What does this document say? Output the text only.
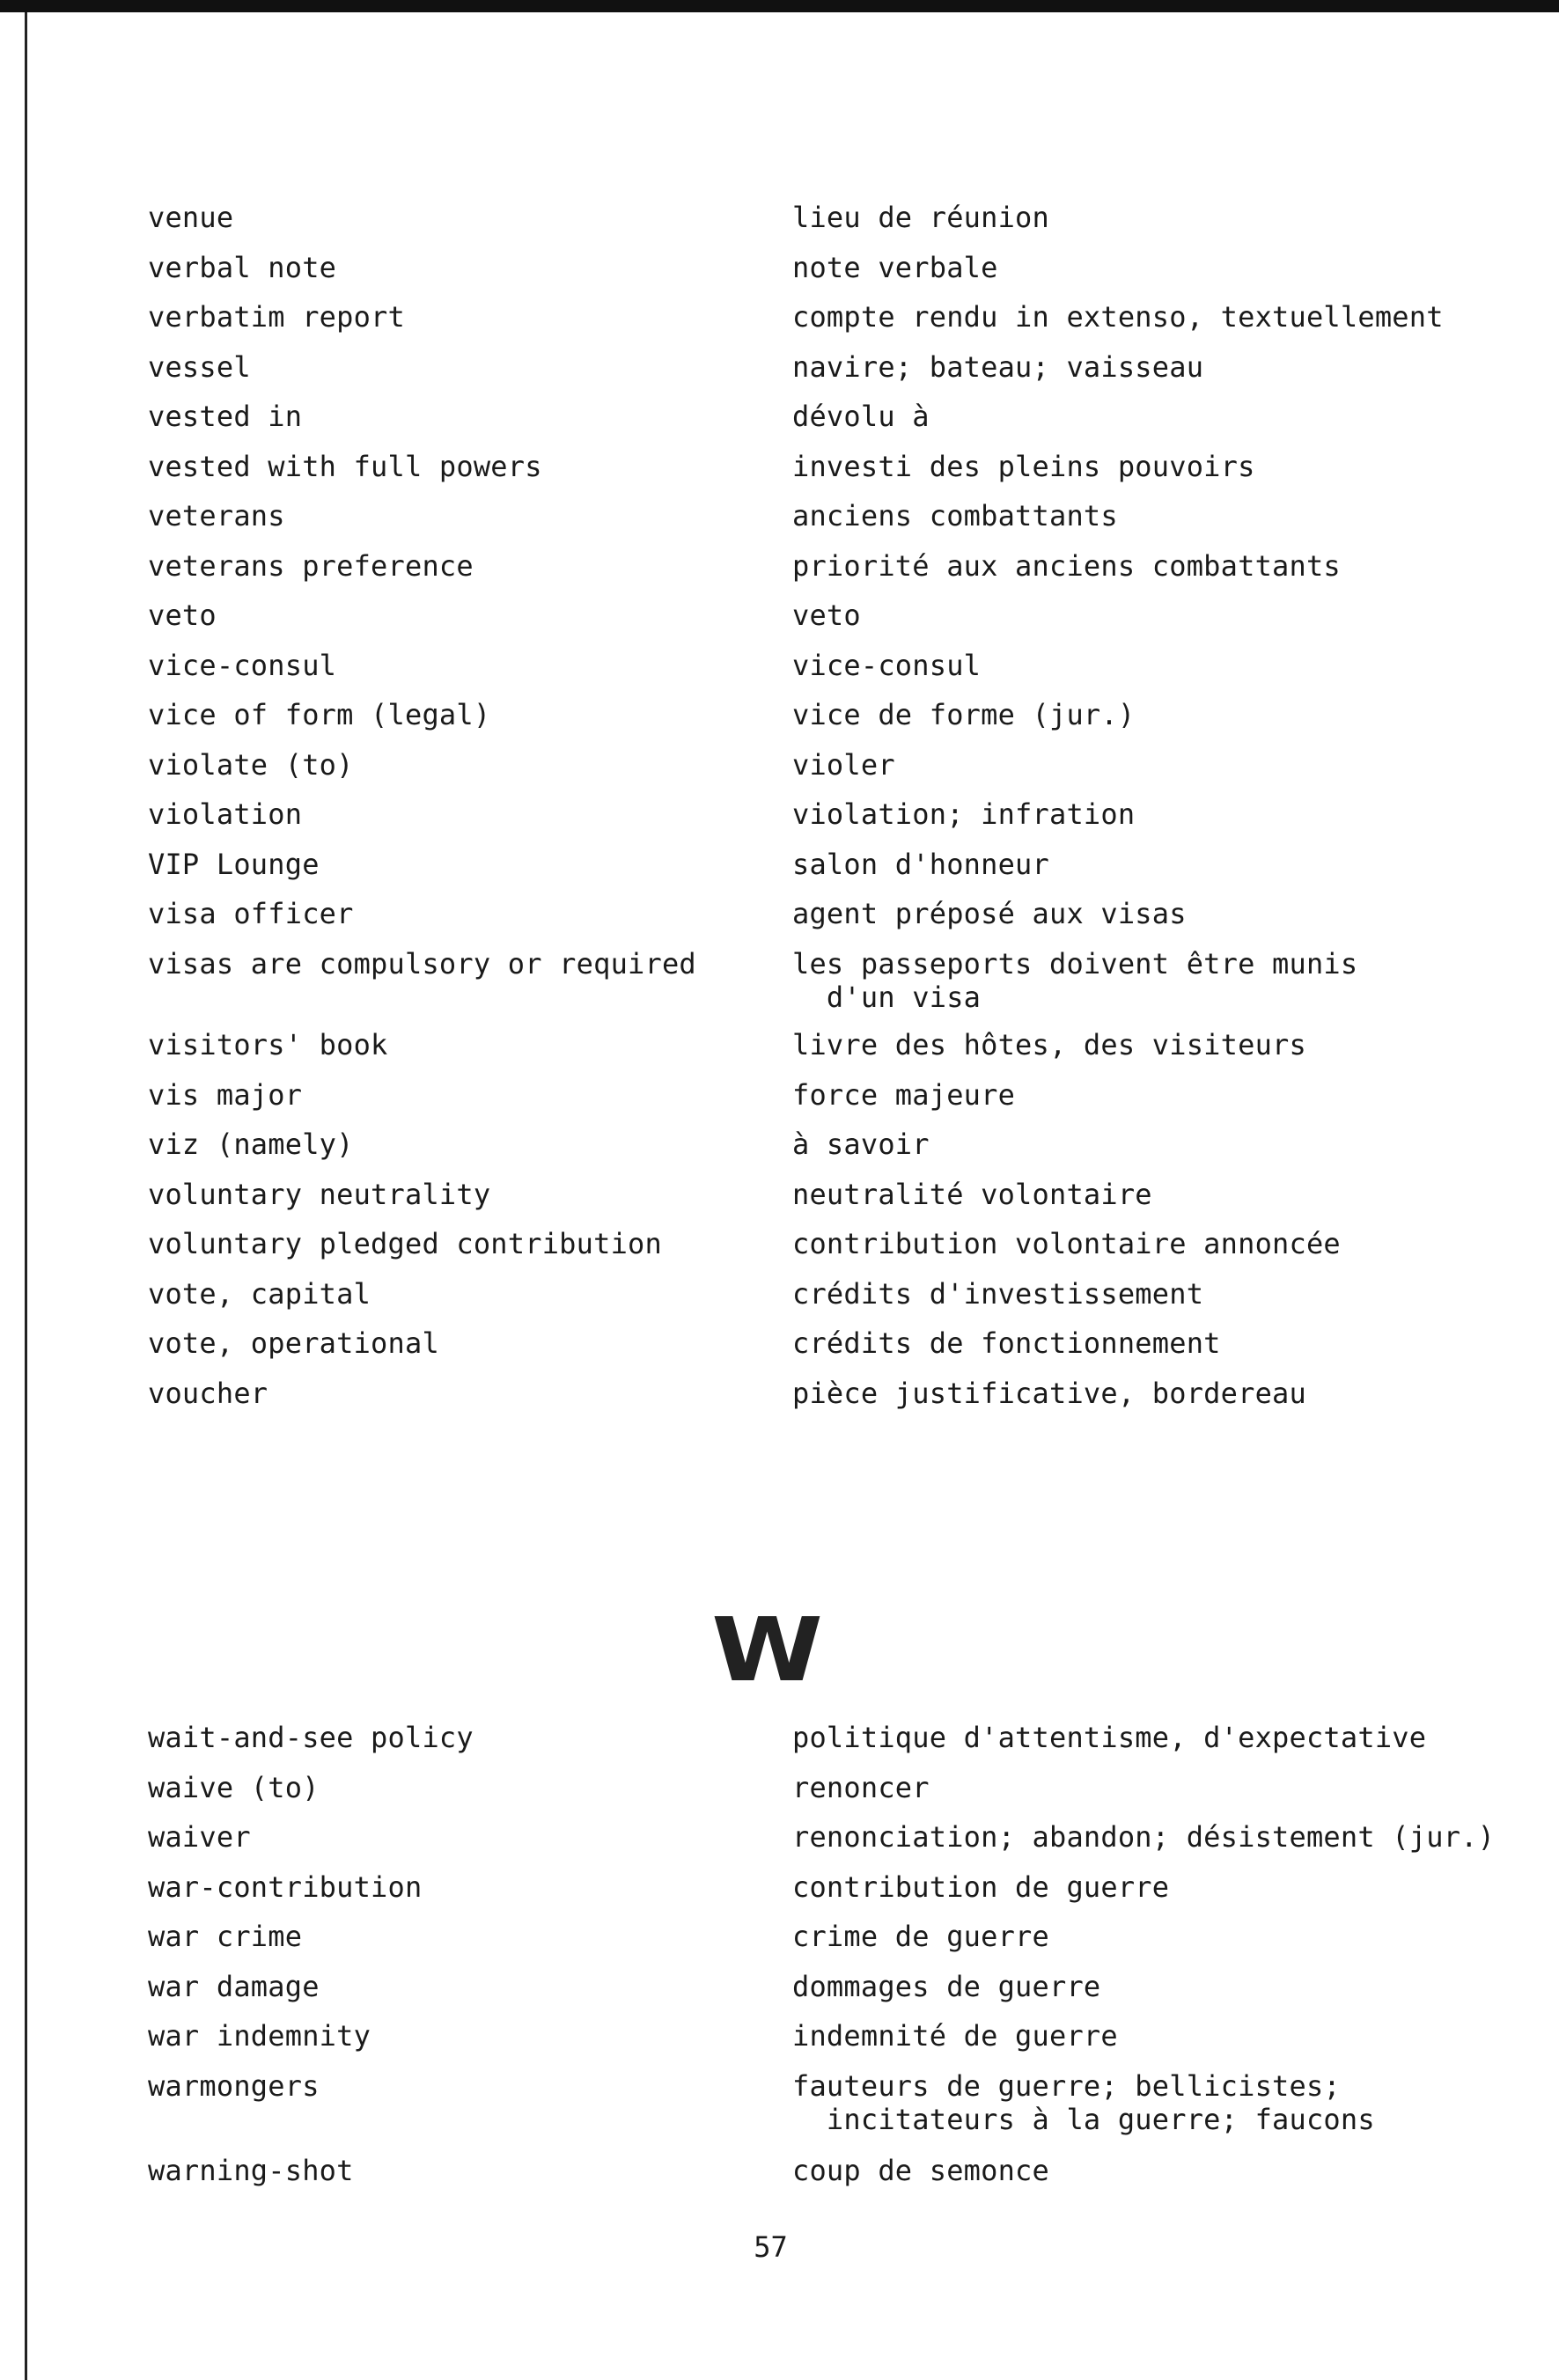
venue	lieu de réunion
verbal note	note verbale
verbatim report	compte rendu in extenso, textuellement
vessel	navire; bateau; vaisseau
vested in	dévolu à
vested with full powers	investi des pleins pouvoirs
veterans	anciens combattants
veterans preference	priorité aux anciens combattants
veto	veto
vice-consul	vice-consul
vice of form (legal)	vice de forme (jur.)
violate (to)	violer
violation	violation; infration
VIP Lounge	salon d'honneur
visa officer	agent préposé aux visas
visas are compulsory or required	les passeports doivent être munis
d'un visa
visitors' book	livre des hôtes, des visiteurs
vis major	force majeure
viz (namely)	à savoir
voluntary neutrality	neutralité volontaire
voluntary pledged contribution	contribution volontaire annoncée
vote, capital	crédits d'investissement
vote, operational	crédits de fonctionnement
voucher	pièce justificative, bordereau
W
wait-and-see policy	politique d'attentisme, d'expectative
waive (to)	renoncer
waiver	renonciation; abandon; désistement (jur.)
war-contribution	contribution de guerre
war crime	crime de guerre
war damage	dommages de guerre
war indemnity	indemnité de guerre
warmongers	fauteurs de guerre; bellicistes;
incitateurs à la guerre; faucons
warning-shot	coup de semonce
57
